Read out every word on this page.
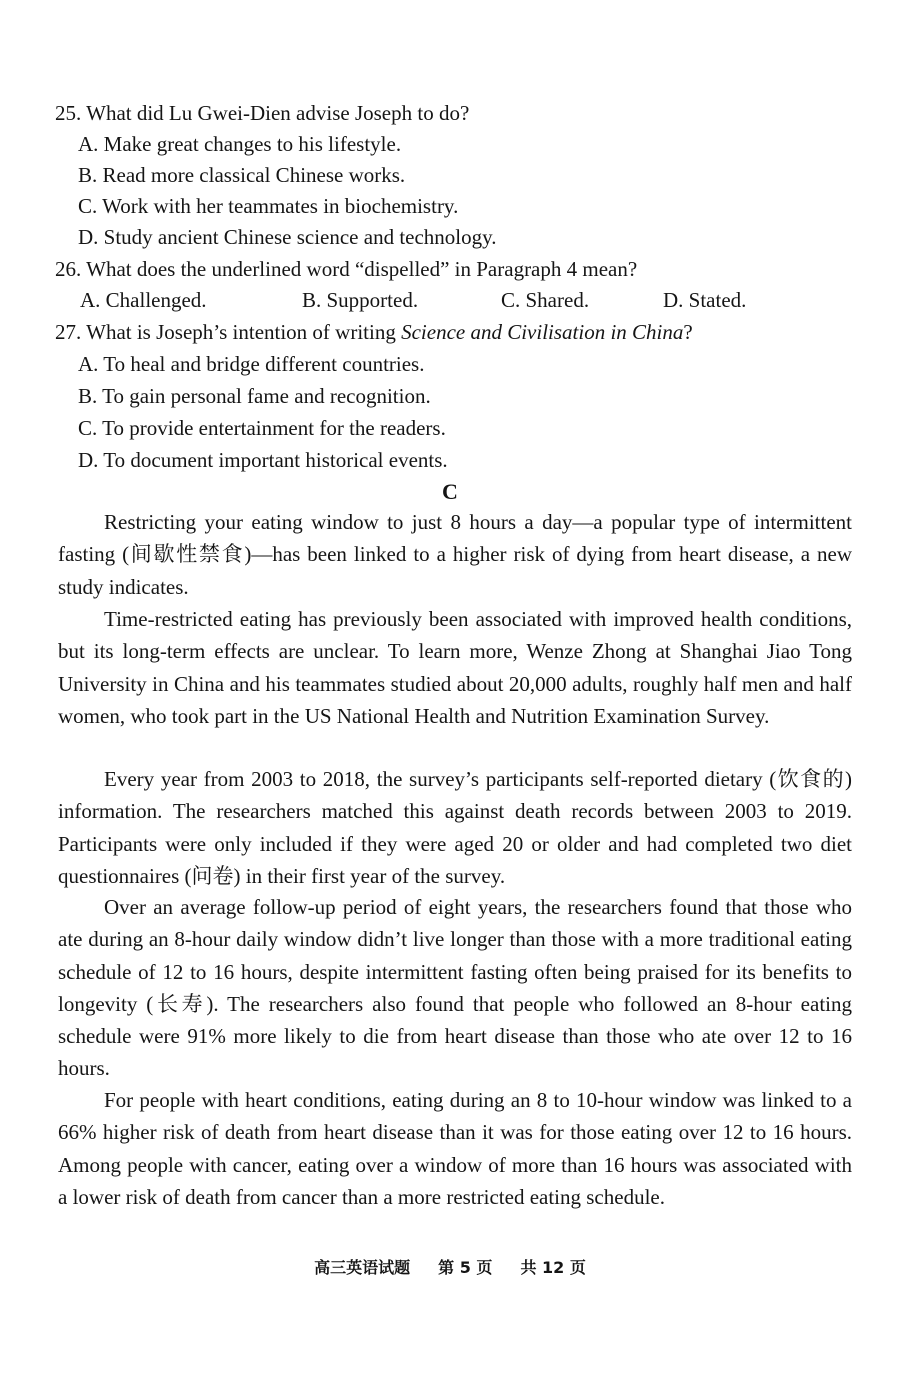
25. What did Lu Gwei-Dien advise Joseph to do?
A. Make great changes to his lifestyle.
B. Read more classical Chinese works.
C. Work with her teammates in biochemistry.
D. Study ancient Chinese science and technology.
26. What does the underlined word “dispelled” in Paragraph 4 mean?
A. Challenged.	B. Supported.	C. Shared.	D. Stated.
27. What is Joseph’s intention of writing Science and Civilisation in China?
A. To heal and bridge different countries.
B. To gain personal fame and recognition.
C. To provide entertainment for the readers.
D. To document important historical events.
C

Restricting your eating window to just 8 hours a day—a popular type of intermittent fasting (间歇性禁食)—has been linked to a higher risk of dying from heart disease, a new study indicates.

Time-restricted eating has previously been associated with improved health conditions, but its long-term effects are unclear. To learn more, Wenze Zhong at Shanghai Jiao Tong University in China and his teammates studied about 20,000 adults, roughly half men and half women, who took part in the US National Health and Nutrition Examination Survey.

Every year from 2003 to 2018, the survey’s participants self-reported dietary (饮食的) information. The researchers matched this against death records between 2003 to 2019. Participants were only included if they were aged 20 or older and had completed two diet questionnaires (问卷) in their first year of the survey.

Over an average follow-up period of eight years, the researchers found that those who ate during an 8-hour daily window didn’t live longer than those with a more traditional eating schedule of 12 to 16 hours, despite intermittent fasting often being praised for its benefits to longevity (长寿). The researchers also found that people who followed an 8-hour eating schedule were 91% more likely to die from heart disease than those who ate over 12 to 16 hours.

For people with heart conditions, eating during an 8 to 10-hour window was linked to a 66% higher risk of death from heart disease than it was for those eating over 12 to 16 hours. Among people with cancer, eating over a window of more than 16 hours was associated with a lower risk of death from cancer than a more restricted eating schedule.

高三英语试题 第 5 页 共 12 页
